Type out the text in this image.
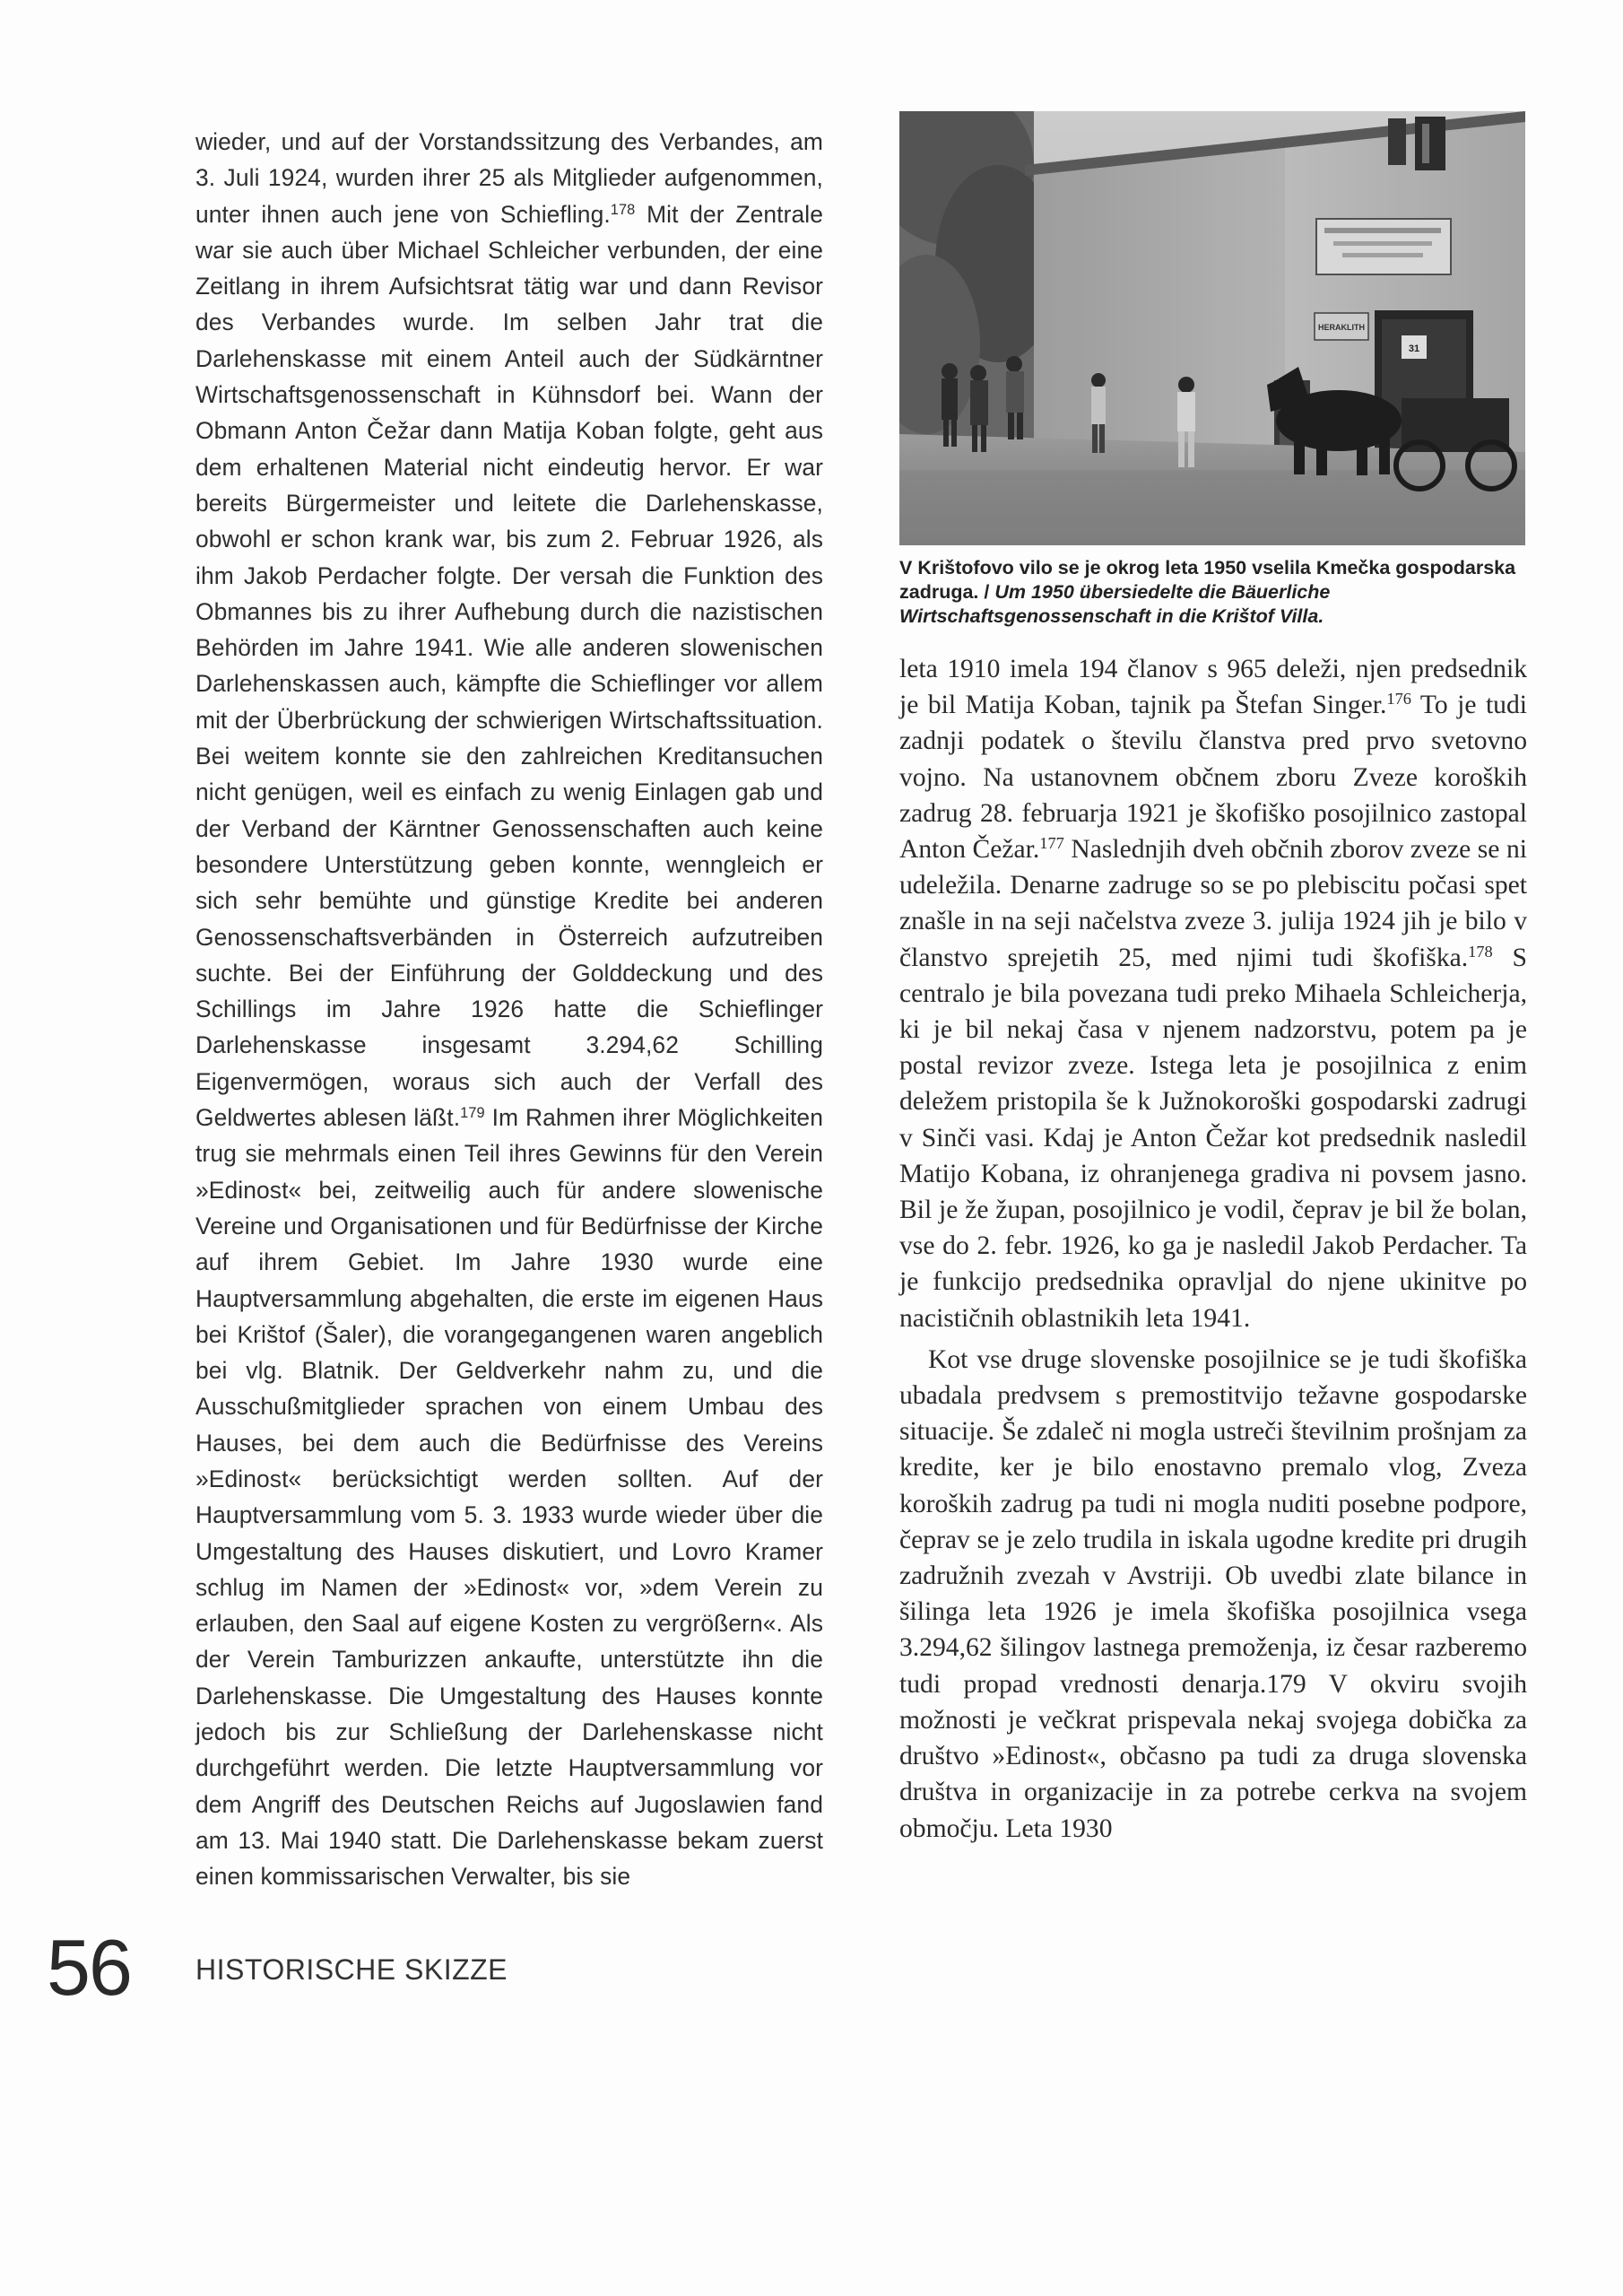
wieder, und auf der Vorstandssitzung des Verbandes, am 3. Juli 1924, wurden ihrer 25 als Mitglieder aufgenommen, unter ihnen auch jene von Schiefling.$^{178}$ Mit der Zentrale war sie auch über Michael Schleicher verbunden, der eine Zeitlang in ihrem Aufsichtsrat tätig war und dann Revisor des Verbandes wurde. Im selben Jahr trat die Darlehenskasse mit einem Anteil auch der Südkärntner Wirtschaftsgenossenschaft in Kühnsdorf bei. Wann der Obmann Anton Čežar dann Matija Koban folgte, geht aus dem erhaltenen Material nicht eindeutig hervor. Er war bereits Bürgermeister und leitete die Darlehenskasse, obwohl er schon krank war, bis zum 2. Februar 1926, als ihm Jakob Perdacher folgte. Der versah die Funktion des Obmannes bis zu ihrer Aufhebung durch die nazistischen Behörden im Jahre 1941. Wie alle anderen slowenischen Darlehenskassen auch, kämpfte die Schieflinger vor allem mit der Überbrückung der schwierigen Wirtschaftssituation. Bei weitem konnte sie den zahlreichen Kreditansuchen nicht genügen, weil es einfach zu wenig Einlagen gab und der Verband der Kärntner Genossenschaften auch keine besondere Unterstützung geben konnte, wenngleich er sich sehr bemühte und günstige Kredite bei anderen Genossenschaftsverbänden in Österreich aufzutreiben suchte. Bei der Einführung der Golddeckung und des Schillings im Jahre 1926 hatte die Schieflinger Darlehenskasse insgesamt 3.294,62 Schilling Eigenvermögen, woraus sich auch der Verfall des Geldwertes ablesen läßt.$^{179}$ Im Rahmen ihrer Möglichkeiten trug sie mehrmals einen Teil ihres Gewinns für den Verein »Edinost« bei, zeitweilig auch für andere slowenische Vereine und Organisationen und für Bedürfnisse der Kirche auf ihrem Gebiet. Im Jahre 1930 wurde eine Hauptversammlung abgehalten, die erste im eigenen Haus bei Krištof (Šaler), die vorangegangenen waren angeblich bei vlg. Blatnik. Der Geldverkehr nahm zu, und die Ausschußmitglieder sprachen von einem Umbau des Hauses, bei dem auch die Bedürfnisse des Vereins »Edinost« berücksichtigt werden sollten. Auf der Hauptversammlung vom 5. 3. 1933 wurde wieder über die Umgestaltung des Hauses diskutiert, und Lovro Kramer schlug im Namen der »Edinost« vor, »dem Verein zu erlauben, den Saal auf eigene Kosten zu vergrößern«. Als der Verein Tamburizzen ankaufte, unterstützte ihn die Darlehenskasse. Die Umgestaltung des Hauses konnte jedoch bis zur Schließung der Darlehenskasse nicht durchgeführt werden. Die letzte Hauptversammlung vor dem Angriff des Deutschen Reichs auf Jugoslawien fand am 13. Mai 1940 statt. Die Darlehenskasse bekam zuerst einen kommissarischen Verwalter, bis sie

HERAKLITH
31
V Krištofovo vilo se je okrog leta 1950 vselila Kmečka gospodarska zadruga. / Um 1950 übersiedelte die Bäuerliche Wirtschaftsgenossenschaft in die Krištof Villa.

leta 1910 imela 194 članov s 965 deleži, njen predsednik je bil Matija Koban, tajnik pa Štefan Singer.$^{176}$ To je tudi zadnji podatek o številu članstva pred prvo svetovno vojno. Na ustanovnem občnem zboru Zveze koroških zadrug 28. februarja 1921 je škofiško posojilnico zastopal Anton Čežar.$^{177}$ Naslednjih dveh občnih zborov zveze se ni udeležila. Denarne zadruge so se po plebiscitu počasi spet znašle in na seji načelstva zveze 3. julija 1924 jih je bilo v članstvo sprejetih 25, med njimi tudi škofiška.$^{178}$ S centralo je bila povezana tudi preko Mihaela Schleicherja, ki je bil nekaj časa v njenem nadzorstvu, potem pa je postal revizor zveze. Istega leta je posojilnica z enim deležem pristopila še k Južnokoroški gospodarski zadrugi v Sinči vasi. Kdaj je Anton Čežar kot predsednik nasledil Matijo Kobana, iz ohranjenega gradiva ni povsem jasno. Bil je že župan, posojilnico je vodil, čeprav je bil že bolan, vse do 2. febr. 1926, ko ga je nasledil Jakob Perdacher. Ta je funkcijo predsednika opravljal do njene ukinitve po nacističnih oblastnikih leta 1941.

Kot vse druge slovenske posojilnice se je tudi škofiška ubadala predvsem s premostitvijo težavne gospodarske situacije. Še zdaleč ni mogla ustreči številnim prošnjam za kredite, ker je bilo enostavno premalo vlog, Zveza koroških zadrug pa tudi ni mogla nuditi posebne podpore, čeprav se je zelo trudila in iskala ugodne kredite pri drugih zadružnih zvezah v Avstriji. Ob uvedbi zlate bilance in šilinga leta 1926 je imela škofiška posojilnica vsega 3.294,62 šilingov lastnega premoženja, iz česar razberemo tudi propad vrednosti denarja.179 V okviru svojih možnosti je večkrat prispevala nekaj svojega dobička za društvo »Edinost«, občasno pa tudi za druga slovenska društva in organizacije in za potrebe cerkva na svojem območju. Leta 1930

56 HISTORISCHE SKIZZE
